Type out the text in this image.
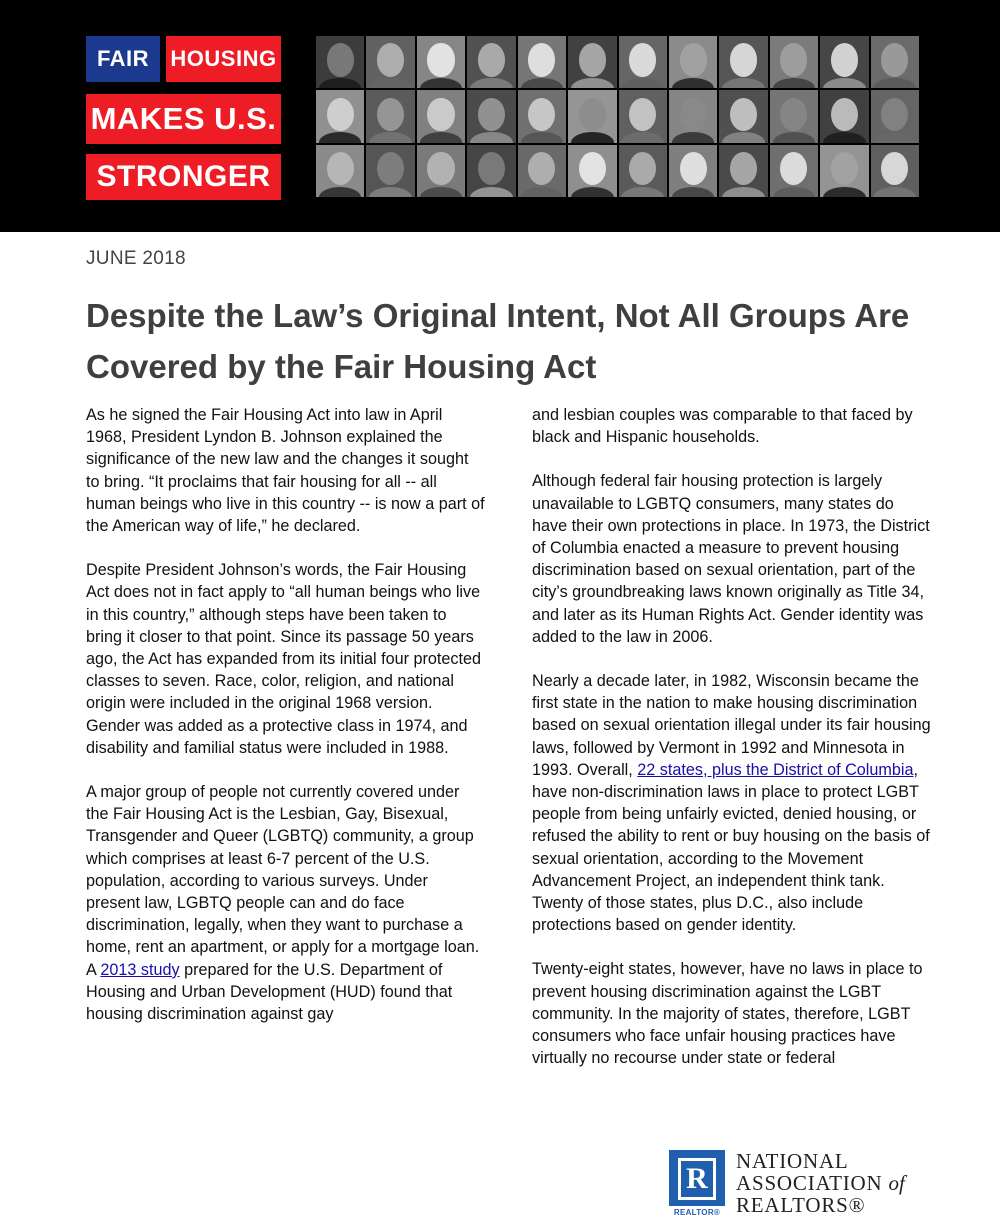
FAIR HOUSING
MAKES U.S.
STRONGER
JUNE 2018
Despite the Law’s Original Intent, Not All Groups Are Covered by the Fair Housing Act

As he signed the Fair Housing Act into law in April 1968, President Lyndon B. Johnson explained the significance of the new law and the changes it sought to bring. “It proclaims that fair housing for all -- all human beings who live in this country -- is now a part of the American way of life,” he declared.

Despite President Johnson’s words, the Fair Housing Act does not in fact apply to “all human beings who live in this country,” although steps have been taken to bring it closer to that point. Since its passage 50 years ago, the Act has expanded from its initial four protected classes to seven. Race, color, religion, and national origin were included in the original 1968 version. Gender was added as a protective class in 1974, and disability and familial status were included in 1988.

A major group of people not currently covered under the Fair Housing Act is the Lesbian, Gay, Bisexual, Transgender and Queer (LGBTQ) community, a group which comprises at least 6-7 percent of the U.S. population, according to various surveys. Under present law, LGBTQ people can and do face discrimination, legally, when they want to purchase a home, rent an apartment, or apply for a mortgage loan. A 2013 study prepared for the U.S. Department of Housing and Urban Development (HUD) found that housing discrimination against gay

and lesbian couples was comparable to that faced by black and Hispanic households.

Although federal fair housing protection is largely unavailable to LGBTQ consumers, many states do have their own protections in place. In 1973, the District of Columbia enacted a measure to prevent housing discrimination based on sexual orientation, part of the city’s groundbreaking laws known originally as Title 34, and later as its Human Rights Act. Gender identity was added to the law in 2006.

Nearly a decade later, in 1982, Wisconsin became the first state in the nation to make housing discrimination based on sexual orientation illegal under its fair housing laws, followed by Vermont in 1992 and Minnesota in 1993. Overall, 22 states, plus the District of Columbia, have non-discrimination laws in place to protect LGBT people from being unfairly evicted, denied housing, or refused the ability to rent or buy housing on the basis of sexual orientation, according to the Movement Advancement Project, an independent think tank. Twenty of those states, plus D.C., also include protections based on gender identity.

Twenty-eight states, however, have no laws in place to prevent housing discrimination against the LGBT community. In the majority of states, therefore, LGBT consumers who face unfair housing practices have virtually no recourse under state or federal

R
REALTOR®
NATIONAL
ASSOCIATION of
REALTORS®
